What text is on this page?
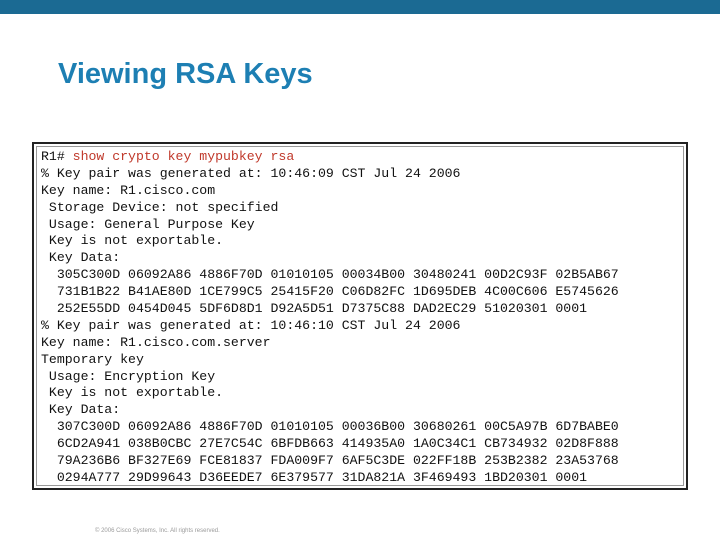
Viewing RSA Keys
R1# show crypto key mypubkey rsa
% Key pair was generated at: 10:46:09 CST Jul 24 2006
Key name: R1.cisco.com
Storage Device: not specified
Usage: General Purpose Key
Key is not exportable.
Key Data:
305C300D 06092A86 4886F70D 01010105 00034B00 30480241 00D2C93F 02B5AB67
731B1B22 B41AE80D 1CE799C5 25415F20 C06D82FC 1D695DEB 4C00C606 E5745626
252E55DD 0454D045 5DF6D8D1 D92A5D51 D7375C88 DAD2EC29 51020301 0001
% Key pair was generated at: 10:46:10 CST Jul 24 2006
Key name: R1.cisco.com.server
Temporary key
Usage: Encryption Key
Key is not exportable.
Key Data:
307C300D 06092A86 4886F70D 01010105 00036B00 30680261 00C5A97B 6D7BABE0
6CD2A941 038B0CBC 27E7C54C 6BFDB663 414935A0 1A0C34C1 CB734932 02D8F888
79A236B6 BF327E69 FCE81837 FDA009F7 6AF5C3DE 022FF18B 253B2382 23A53768
0294A777 29D99643 D36EEDE7 6E379577 31DA821A 3F469493 1BD20301 0001
© 2006 Cisco Systems, Inc. All rights reserved.
